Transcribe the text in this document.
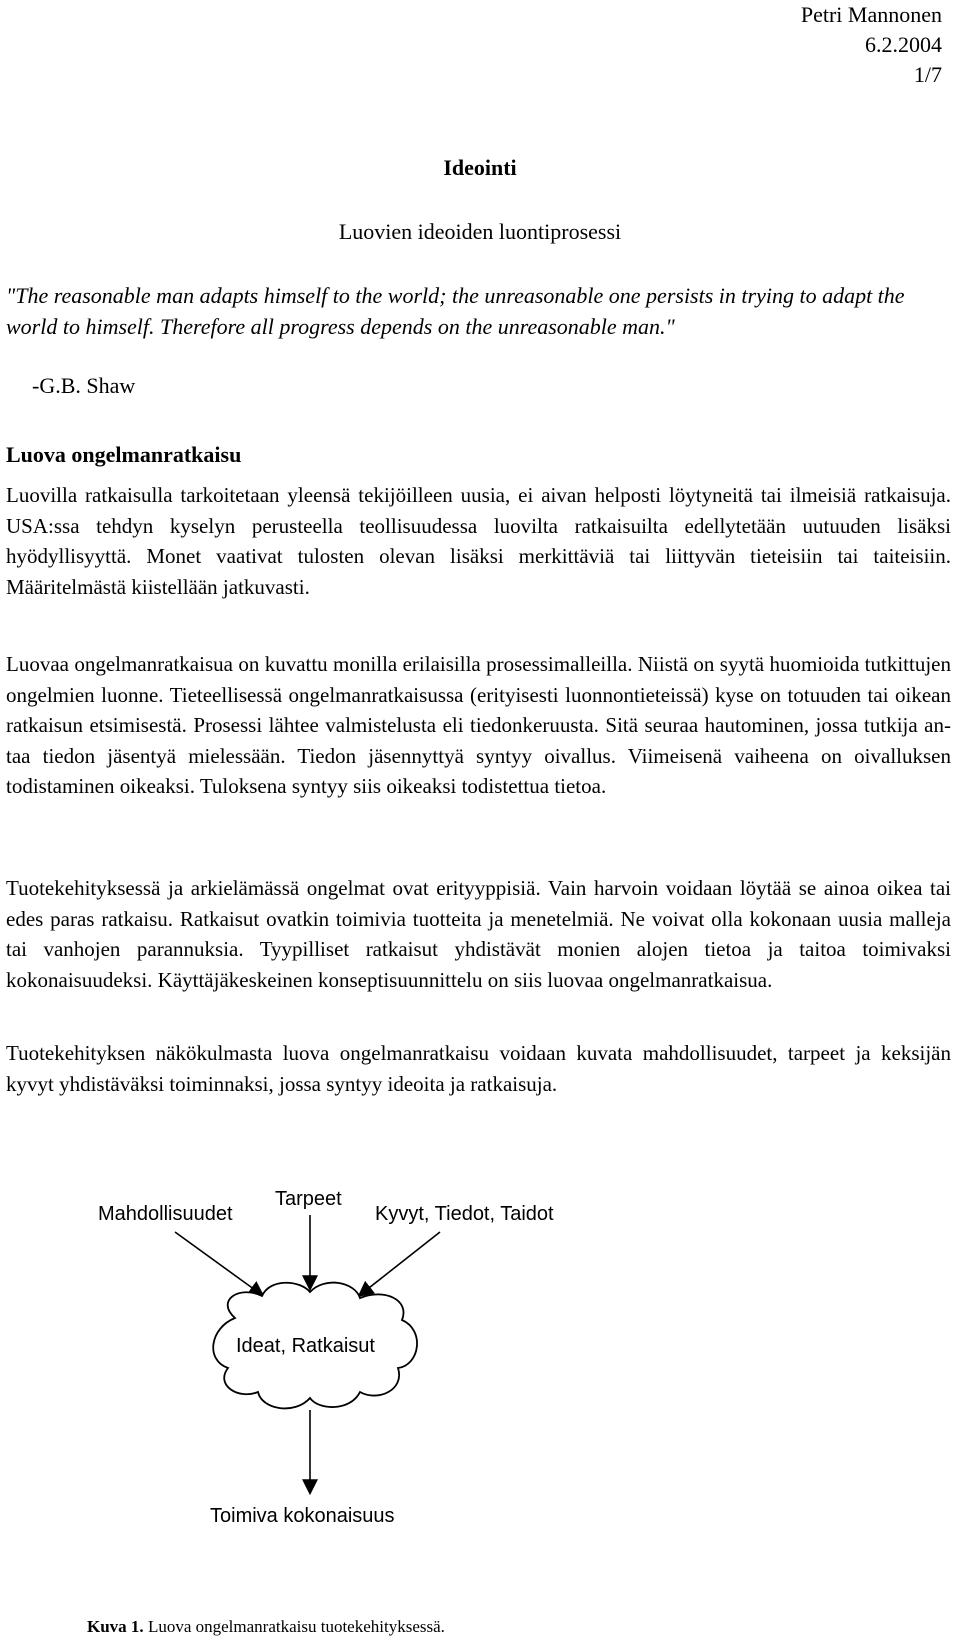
Petri Mannonen
6.2.2004
1/7
Ideointi
Luovien ideoiden luontiprosessi
"The reasonable man adapts himself to the world; the unreasonable one persists in trying to adapt the world to himself. Therefore all progress depends on the unreasonable man."
-G.B. Shaw
Luova ongelmanratkaisu
Luovilla ratkaisulla tarkoitetaan yleensä tekijöilleen uusia, ei aivan helposti löytyneitä tai ilmeisiä ratkaisuja. USA:ssa tehdyn kyselyn perusteella teollisuudessa luovilta ratkaisuilta edellytetään uutuuden lisäksi hyödyllisyyttä. Monet vaativat tulosten olevan lisäksi merkittäviä tai liittyvän tieteisiin tai taiteisiin. Määritelmästä kiistellään jatkuvasti.
Luovaa ongelmanratkaisua on kuvattu monilla erilaisilla prosessimalleilla. Niistä on syytä huomioida tutkittujen ongelmien luonne. Tieteellisessä ongelmanratkaisussa (erityisesti luonnontieteissä) kyse on totuuden tai oikean ratkaisun etsimisestä. Prosessi lähtee valmistelusta eli tiedonkeruusta. Sitä seuraa hautominen, jossa tutkija antaa tiedon jäsentyä mielessään. Tiedon jäsennyttyä syntyy oivallus. Viimeisenä vaiheena on oivalluksen todistaminen oikeaksi. Tuloksena syntyy siis oikeaksi todistettua tietoa.
Tuotekehityksessä ja arkielämässä ongelmat ovat erityyppisiä. Vain harvoin voidaan löytää se ainoa oikea tai edes paras ratkaisu. Ratkaisut ovatkin toimivia tuotteita ja menetelmiä. Ne voivat olla kokonaan uusia malleja tai vanhojen parannuksia. Tyypilliset ratkaisut yhdistävät monien alojen tietoa ja taitoa toimivaksi kokonaisuudeksi. Käyttäjäkeskeinen konseptisuunnittelu on siis luovaa ongelmanratkaisua.
Tuotekehityksen näkökulmasta luova ongelmanratkaisu voidaan kuvata mahdollisuudet, tarpeet ja keksijän kyvyt yhdistäväksi toiminnaksi, jossa syntyy ideoita ja ratkaisuja.
Mahdollisuudet
Tarpeet
Kyvyt, Tiedot, Taidot
Ideat, Ratkaisut
Toimiva kokonaisuus
Kuva 1. Luova ongelmanratkaisu tuotekehityksessä.
